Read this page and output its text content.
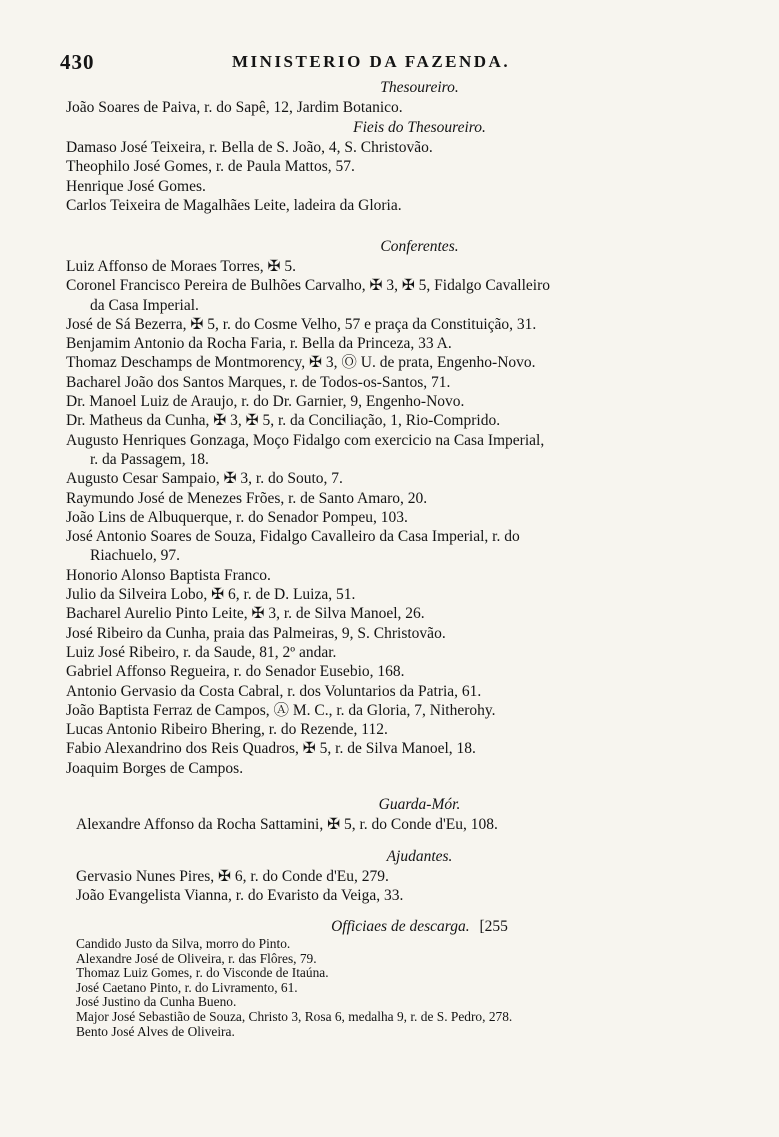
430	MINISTERIO DA FAZENDA.
Thesoureiro.
João Soares de Paiva, r. do Sapê, 12, Jardim Botanico.
Fieis do Thesoureiro.
Damaso José Teixeira, r. Bella de S. João, 4, S. Christovão.
Theophilo José Gomes, r. de Paula Mattos, 57.
Henrique José Gomes.
Carlos Teixeira de Magalhães Leite, ladeira da Gloria.
Conferentes.
Luiz Affonso de Moraes Torres, ✠ 5.
Coronel Francisco Pereira de Bulhões Carvalho, ✠ 3, ✠ 5, Fidalgo Cavalleiro
da Casa Imperial.
José de Sá Bezerra, ✠ 5, r. do Cosme Velho, 57 e praça da Constituição, 31.
Benjamim Antonio da Rocha Faria, r. Bella da Princeza, 33 A.
Thomaz Deschamps de Montmorency, ✠ 3, Ⓞ U. de prata, Engenho-Novo.
Bacharel João dos Santos Marques, r. de Todos-os-Santos, 71.
Dr. Manoel Luiz de Araujo, r. do Dr. Garnier, 9, Engenho-Novo.
Dr. Matheus da Cunha, ✠ 3, ✠ 5, r. da Conciliação, 1, Rio-Comprido.
Augusto Henriques Gonzaga, Moço Fidalgo com exercicio na Casa Imperial,
r. da Passagem, 18.
Augusto Cesar Sampaio, ✠ 3, r. do Souto, 7.
Raymundo José de Menezes Frões, r. de Santo Amaro, 20.
João Lins de Albuquerque, r. do Senador Pompeu, 103.
José Antonio Soares de Souza, Fidalgo Cavalleiro da Casa Imperial, r. do
Riachuelo, 97.
Honorio Alonso Baptista Franco.
Julio da Silveira Lobo, ✠ 6, r. de D. Luiza, 51.
Bacharel Aurelio Pinto Leite, ✠ 3, r. de Silva Manoel, 26.
José Ribeiro da Cunha, praia das Palmeiras, 9, S. Christovão.
Luiz José Ribeiro, r. da Saude, 81, 2º andar.
Gabriel Affonso Regueira, r. do Senador Eusebio, 168.
Antonio Gervasio da Costa Cabral, r. dos Voluntarios da Patria, 61.
João Baptista Ferraz de Campos, Ⓐ M. C., r. da Gloria, 7, Nitherohy.
Lucas Antonio Ribeiro Bhering, r. do Rezende, 112.
Fabio Alexandrino dos Reis Quadros, ✠ 5, r. de Silva Manoel, 18.
Joaquim Borges de Campos.
Guarda-Mór.
Alexandre Affonso da Rocha Sattamini, ✠ 5, r. do Conde d'Eu, 108.
Ajudantes.
Gervasio Nunes Pires, ✠ 6, r. do Conde d'Eu, 279.
João Evangelista Vianna, r. do Evaristo da Veiga, 33.
Officiaes de descarga. [255
Candido Justo da Silva, morro do Pinto.
Alexandre José de Oliveira, r. das Flôres, 79.
Thomaz Luiz Gomes, r. do Visconde de Itaúna.
José Caetano Pinto, r. do Livramento, 61.
José Justino da Cunha Bueno.
Major José Sebastião de Souza, Christo 3, Rosa 6, medalha 9, r. de S. Pedro, 278.
Bento José Alves de Oliveira.
